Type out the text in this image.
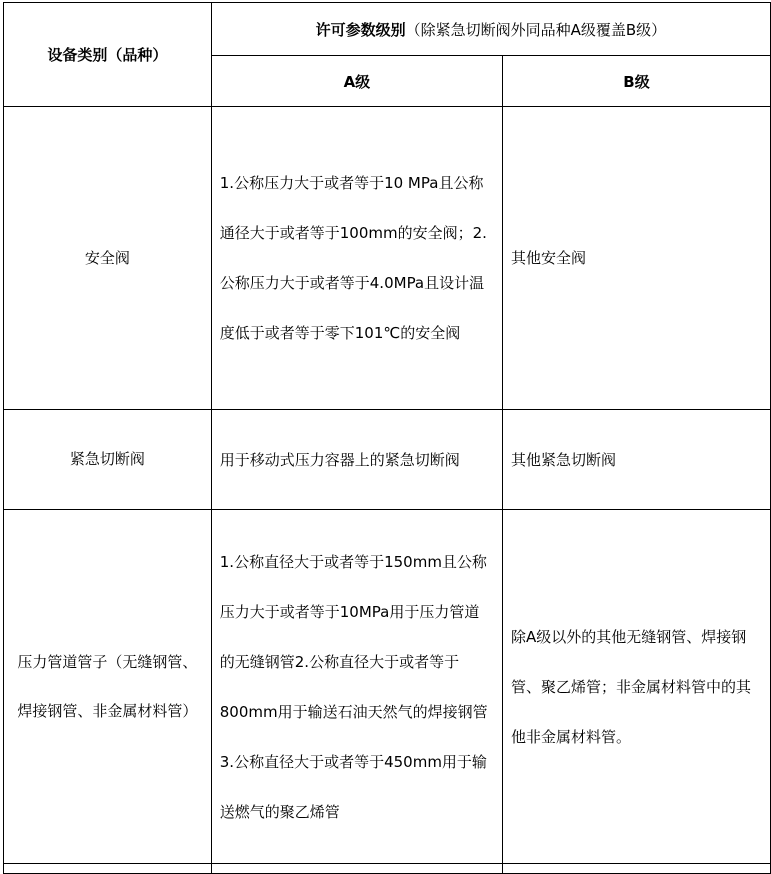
设备类别（品种）	许可参数级别（除紧急切断阀外同品种A级覆盖B级）	
	A级	B级
安全阀	1.公称压力大于或者等于10 MPa且公称通径大于或者等于100mm的安全阀；2.公称压力大于或者等于4.0MPa且设计温度低于或者等于零下101℃的安全阀	其他安全阀
紧急切断阀	用于移动式压力容器上的紧急切断阀	其他紧急切断阀
压力管道管子（无缝钢管、焊接钢管、非金属材料管）	1.公称直径大于或者等于150mm且公称压力大于或者等于10MPa用于压力管道的无缝钢管2.公称直径大于或者等于800mm用于输送石油天然气的焊接钢管3.公称直径大于或者等于450mm用于输送燃气的聚乙烯管	除A级以外的其他无缝钢管、焊接钢管、聚乙烯管；非金属材料管中的其他非金属材料管。
